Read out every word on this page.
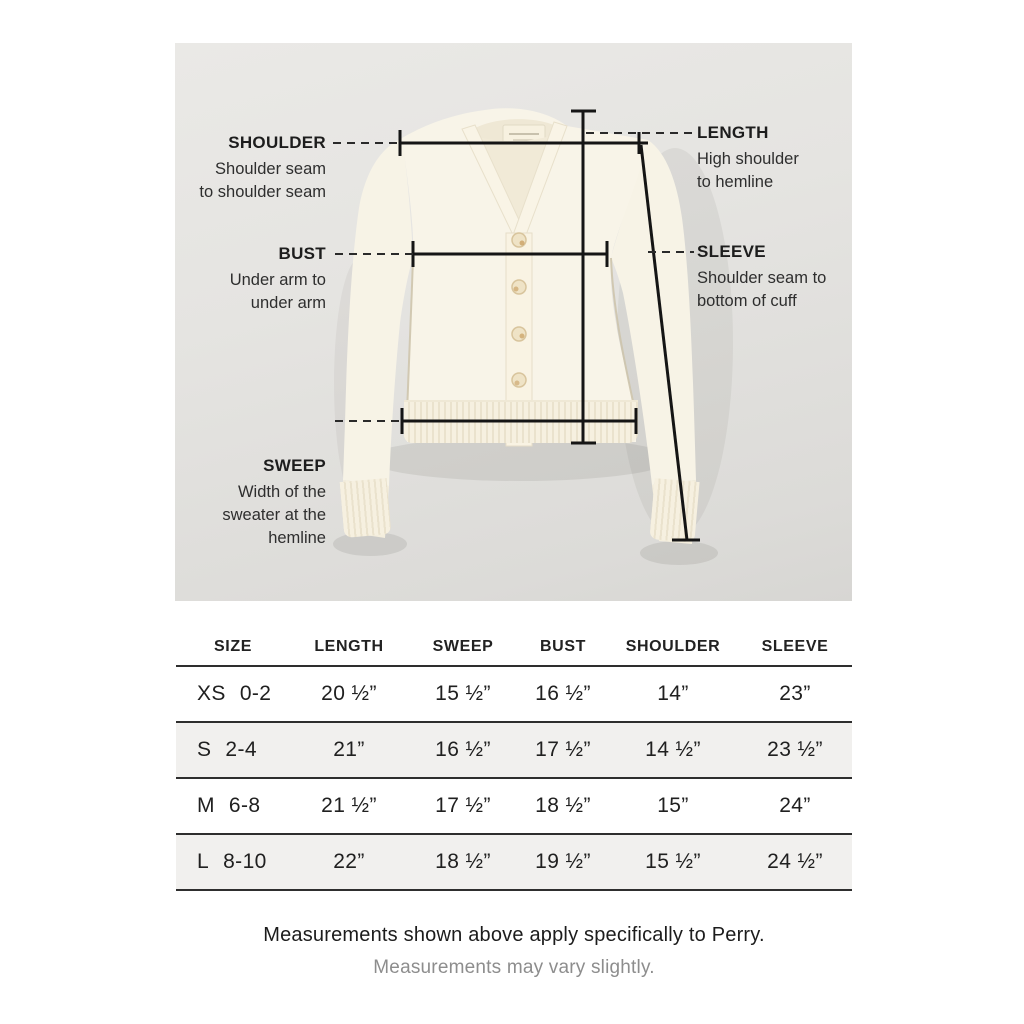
SHOULDER
Shoulder seam
to shoulder seam
BUST
Under arm to
under arm
SWEEP
Width of the
sweater at the
hemline
LENGTH
High shoulder
to hemline
SLEEVE
Shoulder seam to
bottom of cuff
SIZE	LENGTH	SWEEP	BUST	SHOULDER	SLEEVE
XS 0-2	20 ½”	15 ½”	16 ½”	14”	23”
S 2-4	21”	16 ½”	17 ½”	14 ½”	23 ½”
M 6-8	21 ½”	17 ½”	18 ½”	15”	24”
L 8-10	22”	18 ½”	19 ½”	15 ½”	24 ½”
Measurements shown above apply specifically to Perry.
Measurements may vary slightly.
